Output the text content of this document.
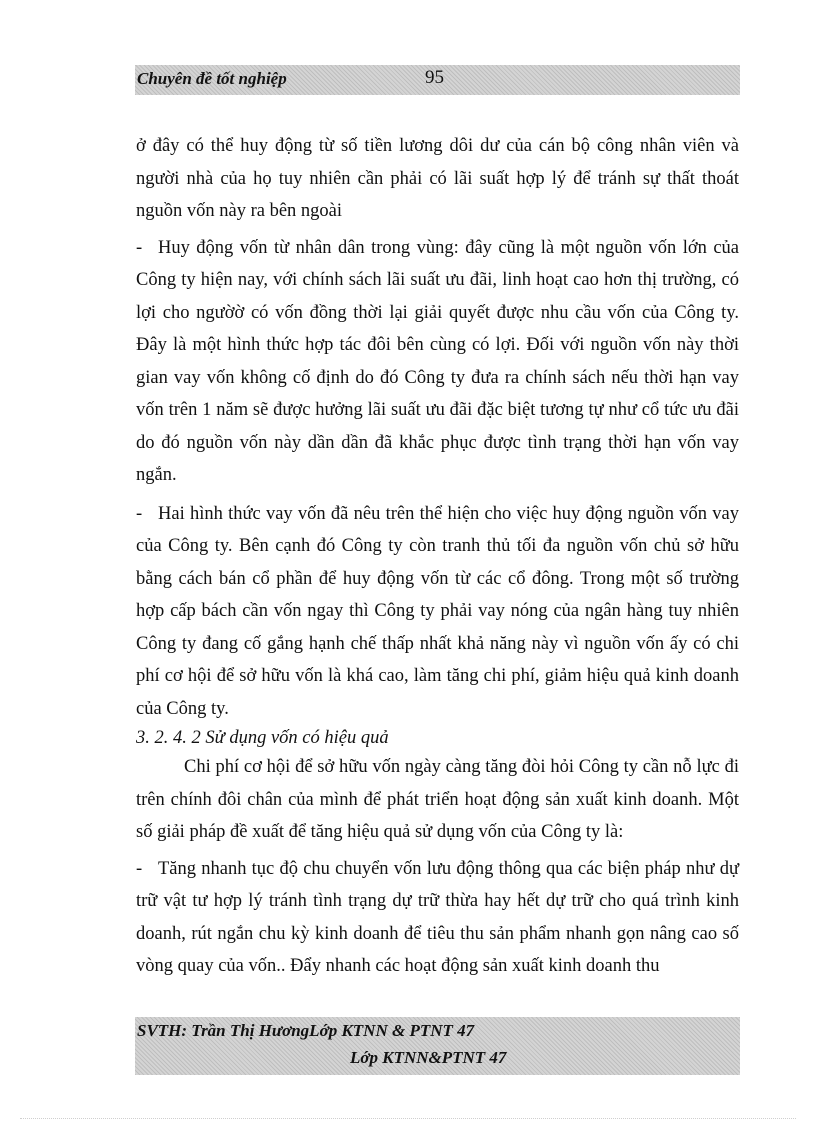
Chuyên đề tốt nghiệp	95

ở đây có thể huy động từ số tiền lương dôi dư của cán bộ công nhân viên và người nhà của họ tuy nhiên cần phải có lãi suất hợp lý để tránh sự thất thoát nguồn vốn này ra bên ngoài

- Huy động vốn từ nhân dân trong vùng: đây cũng là một nguồn vốn lớn của Công ty hiện nay, với chính sách lãi suất ưu đãi, linh hoạt cao hơn thị trường, có lợi cho ngườờ có vốn đồng thời lại giải quyết được nhu cầu vốn của Công ty. Đây là một hình thức hợp tác đôi bên cùng có lợi. Đối với nguồn vốn này thời gian vay vốn không cố định do đó Công ty đưa ra chính sách nếu thời hạn vay vốn trên 1 năm sẽ được hưởng lãi suất ưu đãi đặc biệt tương tự như cổ tức ưu đãi do đó nguồn vốn này dần dần đã khắc phục được tình trạng thời hạn vốn vay ngắn.

- Hai hình thức vay vốn đã nêu trên thể hiện cho việc huy động nguồn vốn vay của Công ty. Bên cạnh đó Công ty còn tranh thủ tối đa nguồn vốn chủ sở hữu bằng cách bán cổ phần để huy động vốn từ các cổ đông. Trong một số trường hợp cấp bách cần vốn ngay thì Công ty phải vay nóng của ngân hàng tuy nhiên Công ty đang cố gắng hạnh chế thấp nhất khả năng này vì nguồn vốn ấy có chi phí cơ hội để sở hữu vốn là khá cao, làm tăng chi phí, giảm hiệu quả kinh doanh của Công ty.

3. 2. 4. 2 Sử dụng vốn có hiệu quả

Chi phí cơ hội để sở hữu vốn ngày càng tăng đòi hỏi Công ty cần nỗ lực đi trên chính đôi chân của mình để phát triển hoạt động sản xuất kinh doanh. Một số giải pháp đề xuất để tăng hiệu quả sử dụng vốn của Công ty là:

- Tăng nhanh tục độ chu chuyển vốn lưu động thông qua các biện pháp như dự trữ vật tư hợp lý tránh tình trạng dự trữ thừa hay hết dự trữ cho quá trình kinh doanh, rút ngắn chu kỳ kinh doanh để tiêu thu sản phẩm nhanh gọn nâng cao số vòng quay của vốn.. Đẩy nhanh các hoạt động sản xuất kinh doanh thu

SVTH: Trần Thị HươngLớp KTNN & PTNT 47
Lớp KTNN&PTNT 47
